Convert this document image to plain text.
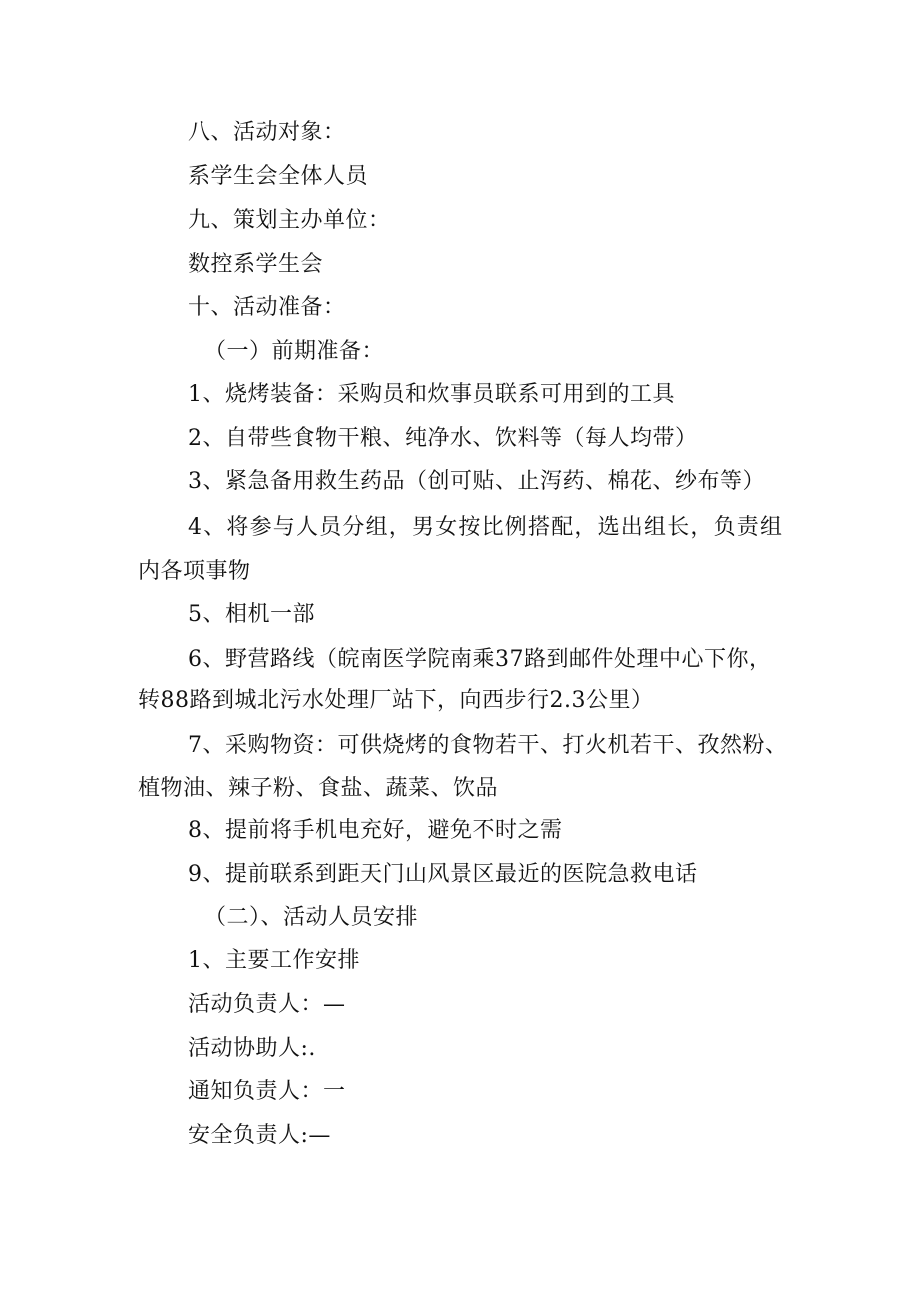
八、活动对象：
系学生会全体人员
九、策划主办单位：
数控系学生会
十、活动准备：
（一）前期准备：
1、烧烤装备：采购员和炊事员联系可用到的工具
2、自带些食物干粮、纯净水、饮料等（每人均带）
3、紧急备用救生药品（创可贴、止泻药、棉花、纱布等）
4、将参与人员分组，男女按比例搭配，选出组长，负责组
内各项事物
5、相机一部
6、野营路线（皖南医学院南乘37路到邮件处理中心下你，
转88路到城北污水处理厂站下，向西步行2.3公里）
7、采购物资：可供烧烤的食物若干、打火机若干、孜然粉、
植物油、辣子粉、食盐、蔬菜、饮品
8、提前将手机电充好，避免不时之需
9、提前联系到距天门山风景区最近的医院急救电话
（二）、活动人员安排
1、主要工作安排
活动负责人：—
活动协助人:.
通知负责人：一
安全负责人:—
